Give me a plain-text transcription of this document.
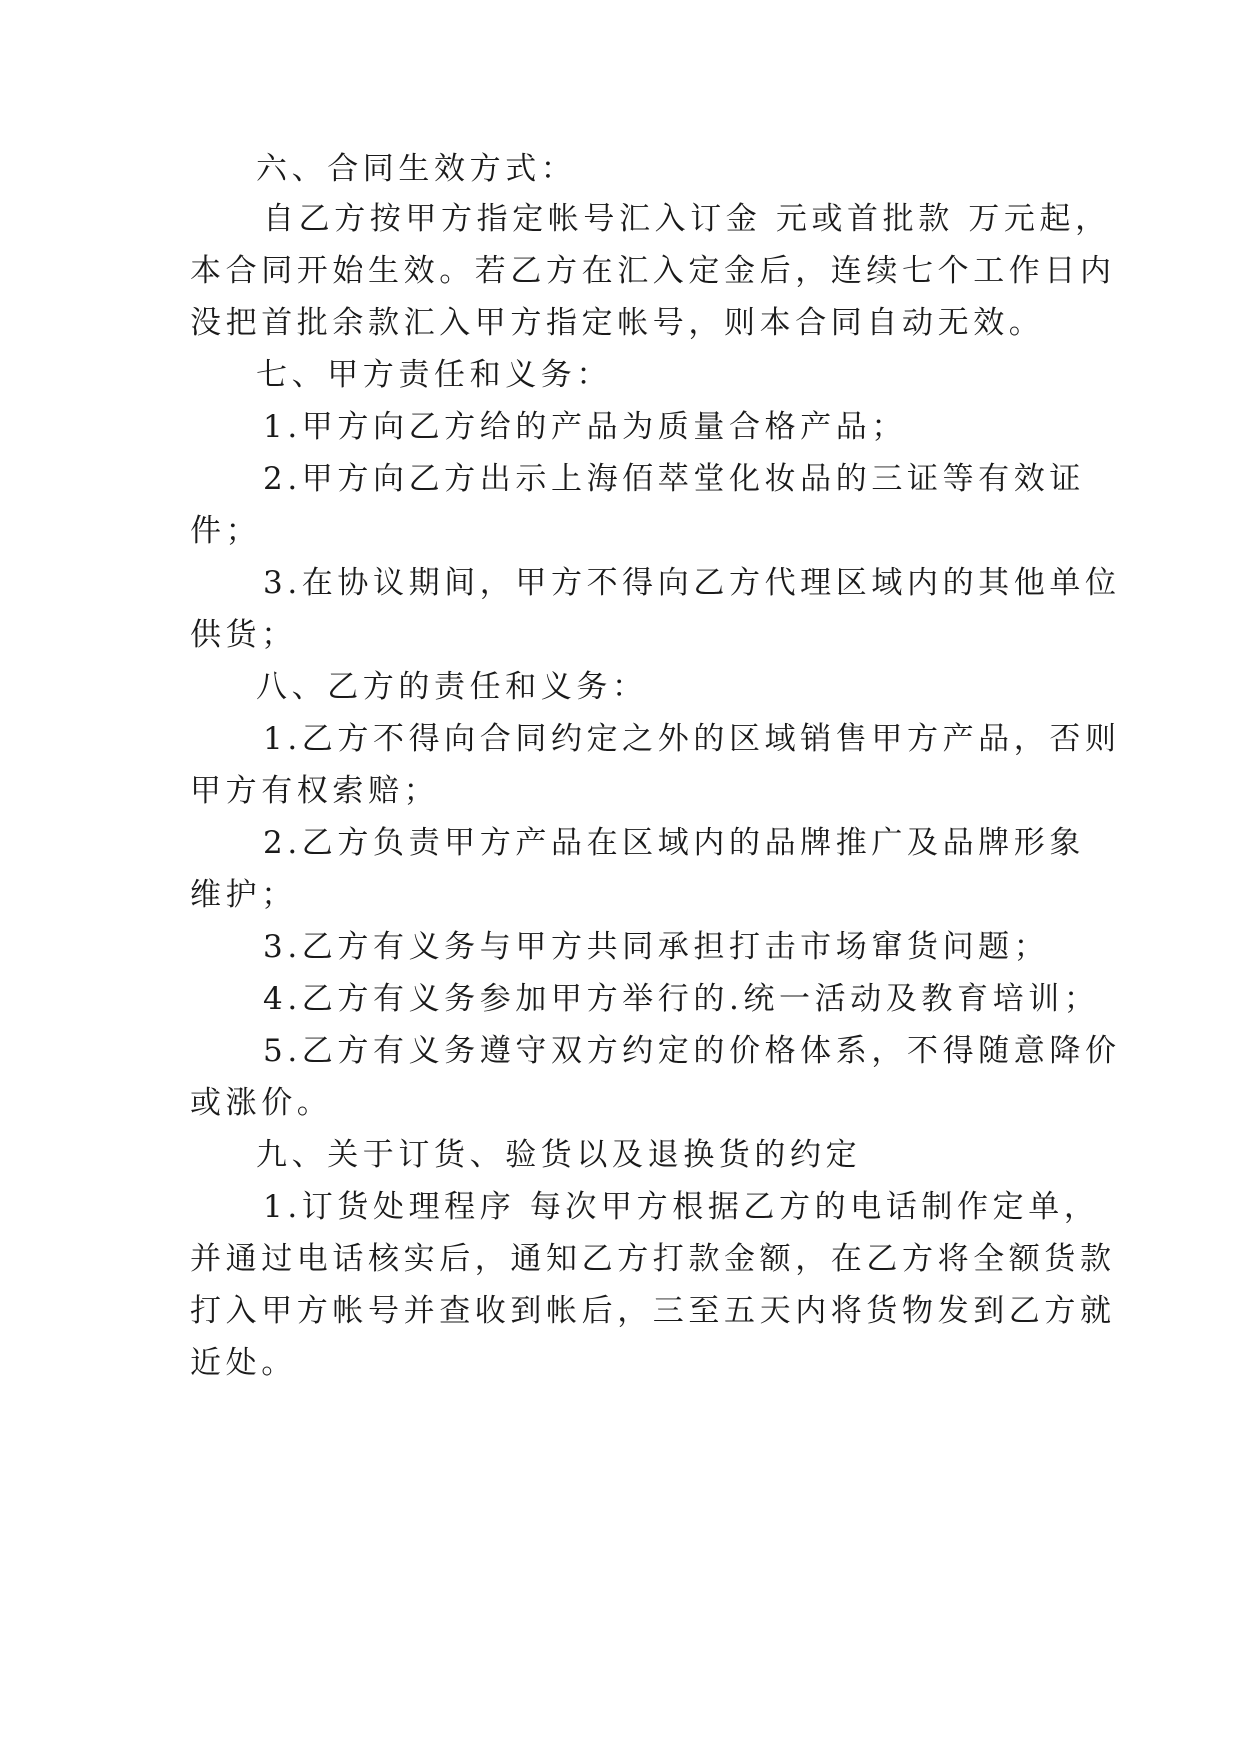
六、合同生效方式：
自乙方按甲方指定帐号汇入订金 元或首批款 万元起，
本合同开始生效。若乙方在汇入定金后，连续七个工作日内
没把首批余款汇入甲方指定帐号，则本合同自动无效。
七、甲方责任和义务：
1.甲方向乙方给的产品为质量合格产品；
2.甲方向乙方出示上海佰萃堂化妆品的三证等有效证
件；
3.在协议期间，甲方不得向乙方代理区域内的其他单位
供货；
八、乙方的责任和义务：
1.乙方不得向合同约定之外的区域销售甲方产品，否则
甲方有权索赔；
2.乙方负责甲方产品在区域内的品牌推广及品牌形象
维护；
3.乙方有义务与甲方共同承担打击市场窜货问题；
4.乙方有义务参加甲方举行的.统一活动及教育培训；
5.乙方有义务遵守双方约定的价格体系，不得随意降价
或涨价。
九、关于订货、验货以及退换货的约定
1.订货处理程序 每次甲方根据乙方的电话制作定单，
并通过电话核实后，通知乙方打款金额，在乙方将全额货款
打入甲方帐号并查收到帐后，三至五天内将货物发到乙方就
近处。
